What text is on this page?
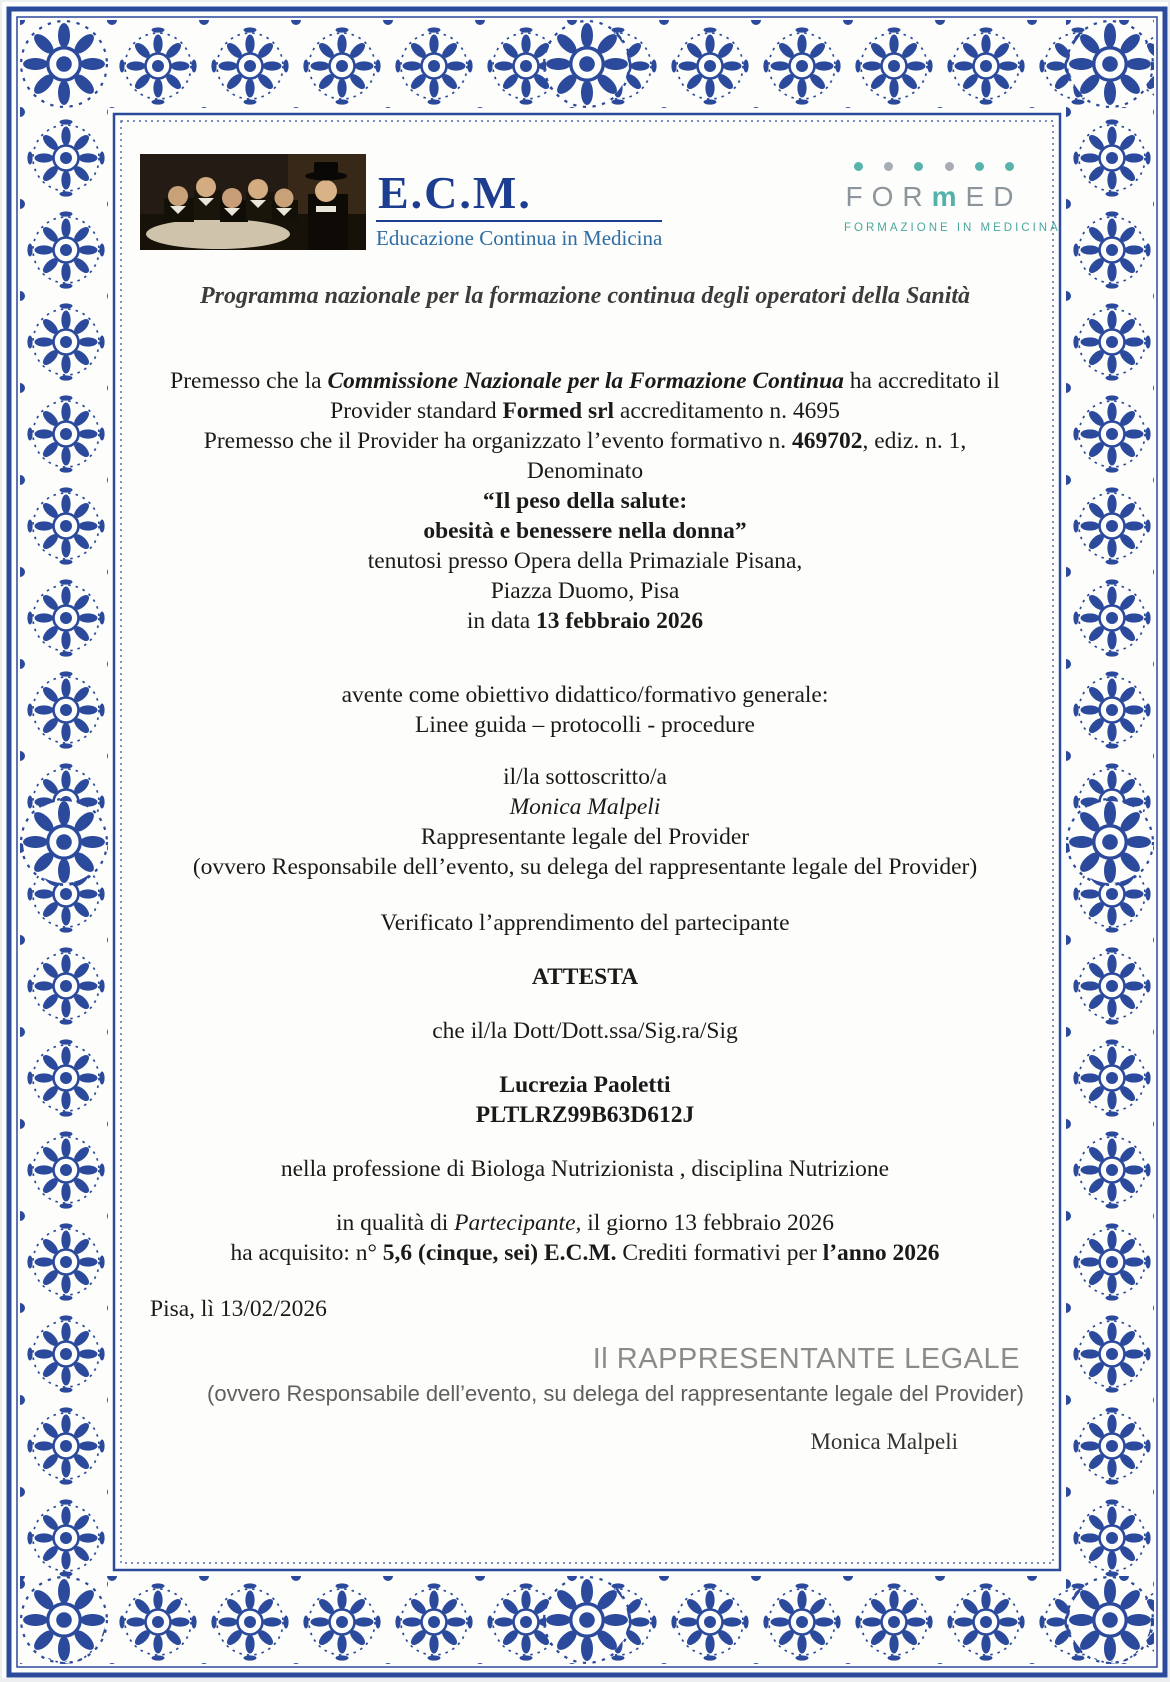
E.C.M.
Educazione Continua in Medicina
FORmED
FORMAZIONE IN MEDICINA
Programma nazionale per la formazione continua degli operatori della Sanità
Premesso che la Commissione Nazionale per la Formazione Continua ha accreditato il
Provider standard Formed srl accreditamento n. 4695
Premesso che il Provider ha organizzato l’evento formativo n. 469702, ediz. n. 1,
Denominato
“Il peso della salute:
obesità e benessere nella donna”
tenutosi presso Opera della Primaziale Pisana,
Piazza Duomo, Pisa
in data 13 febbraio 2026
avente come obiettivo didattico/formativo generale:
Linee guida – protocolli - procedure
il/la sottoscritto/a
Monica Malpeli
Rappresentante legale del Provider
(ovvero Responsabile dell’evento, su delega del rappresentante legale del Provider)
Verificato l’apprendimento del partecipante
ATTESTA
che il/la Dott/Dott.ssa/Sig.ra/Sig
Lucrezia Paoletti
PLTLRZ99B63D612J
nella professione di Biologa Nutrizionista , disciplina Nutrizione
in qualità di Partecipante, il giorno 13 febbraio 2026
ha acquisito: n° 5,6 (cinque, sei) E.C.M. Crediti formativi per l’anno 2026
Pisa, lì 13/02/2026
Il RAPPRESENTANTE LEGALE
(ovvero Responsabile dell’evento, su delega del rappresentante legale del Provider)
Monica Malpeli
